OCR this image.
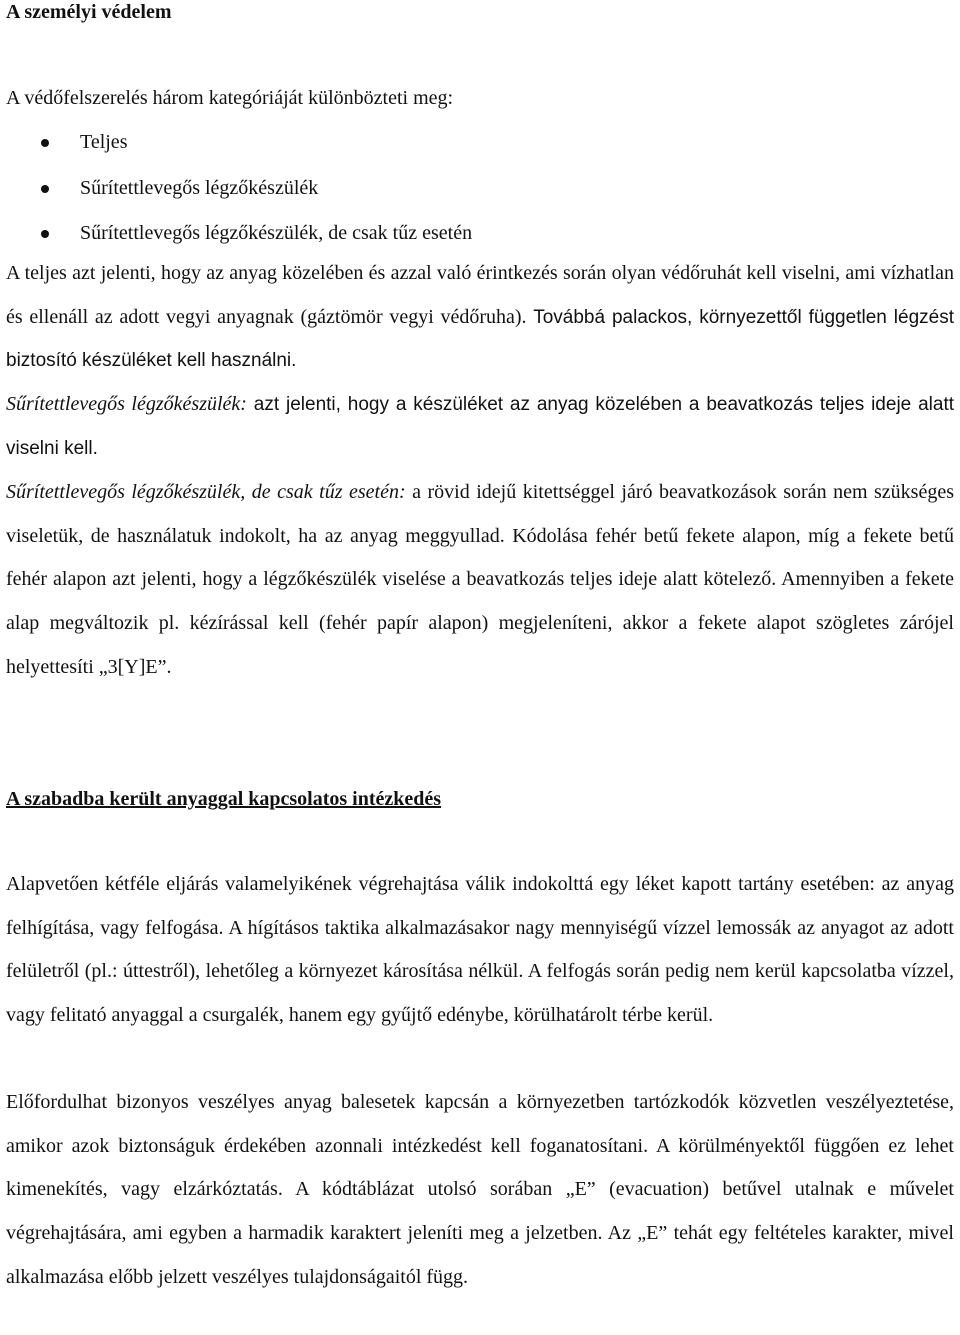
A személyi védelem

A védőfelszerelés három kategóriáját különbözteti meg:

Teljes
Sűrítettlevegős légzőkészülék
Sűrítettlevegős légzőkészülék, de csak tűz esetén

A teljes azt jelenti, hogy az anyag közelében és azzal való érintkezés során olyan védőruhát kell viselni, ami vízhatlan és ellenáll az adott vegyi anyagnak (gáztömör vegyi védőruha). Továbbá palackos, környezettől független légzést biztosító készüléket kell használni.

Sűrítettlevegős légzőkészülék: azt jelenti, hogy a készüléket az anyag közelében a beavatkozás teljes ideje alatt viselni kell.

Sűrítettlevegős légzőkészülék, de csak tűz esetén: a rövid idejű kitettséggel járó beavatkozások során nem szükséges viseletük, de használatuk indokolt, ha az anyag meggyullad. Kódolása fehér betű fekete alapon, míg a fekete betű fehér alapon azt jelenti, hogy a légzőkészülék viselése a beavatkozás teljes ideje alatt kötelező. Amennyiben a fekete alap megváltozik pl. kézírással kell (fehér papír alapon) megjeleníteni, akkor a fekete alapot szögletes zárójel helyettesíti „3[Y]E”.

A szabadba került anyaggal kapcsolatos intézkedés

Alapvetően kétféle eljárás valamelyikének végrehajtása válik indokolttá egy léket kapott tartány esetében: az anyag felhígítása, vagy felfogása. A hígításos taktika alkalmazásakor nagy mennyiségű vízzel lemossák az anyagot az adott felületről (pl.: úttestről), lehetőleg a környezet károsítása nélkül. A felfogás során pedig nem kerül kapcsolatba vízzel, vagy felitató anyaggal a csurgalék, hanem egy gyűjtő edénybe, körülhatárolt térbe kerül.

Előfordulhat bizonyos veszélyes anyag balesetek kapcsán a környezetben tartózkodók közvetlen veszélyeztetése, amikor azok biztonságuk érdekében azonnali intézkedést kell foganatosítani. A körülményektől függően ez lehet kimenekítés, vagy elzárkóztatás. A kódtáblázat utolsó sorában „E” (evacuation) betűvel utalnak e művelet végrehajtására, ami egyben a harmadik karaktert jeleníti meg a jelzetben. Az „E” tehát egy feltételes karakter, mivel alkalmazása előbb jelzett veszélyes tulajdonságaitól függ.
